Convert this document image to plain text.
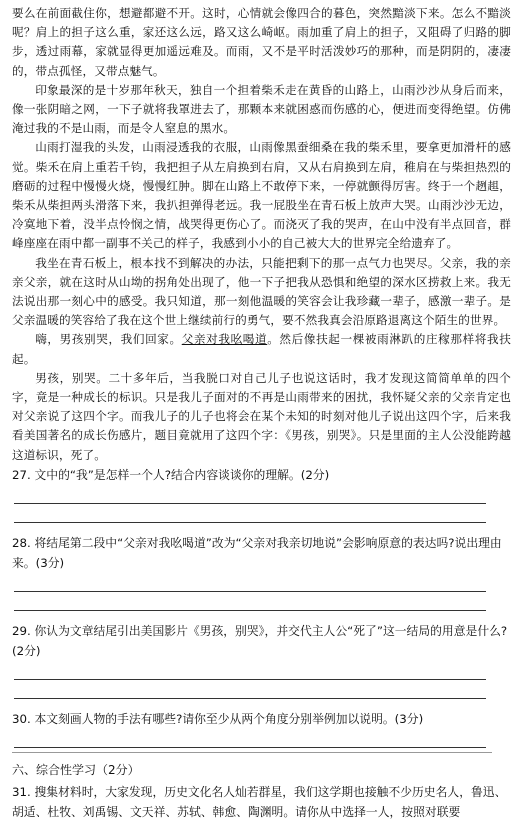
要么在前面截住你，想避都避不开。这时，心情就会像四合的暮色，突然黯淡下来。怎么不黯淡呢？肩上的担子这么重，家还这么远，路又这么崎岖。雨加重了肩上的担子，又阻碍了归路的脚步，透过雨幕，家就显得更加遥远难及。而雨，又不是平时活泼妙巧的那种，而是阴阴的，凄凄的，带点孤怪，又带点魅气。

印象最深的是十岁那年秋天，独自一个担着柴禾走在黄昏的山路上，山雨沙沙从身后而来，像一张阴暗之网，一下子就将我罩进去了，那颗本来就困惑而伤感的心，便进而变得绝望。仿佛淹过我的不是山雨，而是令人窒息的黑水。

山雨打湿我的头发，山雨浸透我的衣服，山雨像黑蚕细桑在我的柴禾里，要拿更加滑杆的感觉。柴禾在肩上重若千钧，我把担子从左肩换到右肩，又从右肩换到左肩，稚肩在与柴担热烈的磨砺的过程中慢慢火烧，慢慢红肿。脚在山路上不敢停下来，一停就颤得厉害。终于一个趔趄，柴禾从柴担两头滑落下来，我扒担弹得老远。我一屁股坐在青石板上放声大哭。山雨沙沙无边，冷寞地下着，没半点怜悯之情，战哭得更伤心了。而浇灭了我的哭声，在山中没有半点回音，群峰座座在雨中都一副事不关己的样子，我感到小小的自己被大大的世界完全给遗弃了。

我坐在青石板上，根本找不到解决的办法，只能把剩下的那一点气力也哭尽。父亲，我的亲亲父亲，就在这时从山坳的拐角处出现了，他一下子把我从恐惧和绝望的深水区捞救上来。我无法说出那一刻心中的感受。我只知道，那一刻他温暖的笑容会让我珍藏一辈子，感激一辈子。是父亲温暖的笑容给了我在这个世上继续前行的勇气，要不然我真会沿原路退离这个陌生的世界。

嗨，男孩别哭，我们回家。父亲对我吆喝道。然后像扶起一棵被雨淋趴的庄稼那样将我扶起。

男孩，别哭。二十多年后，当我脱口对自己儿子也说这话时，我才发现这简简单单的四个字，竟是一种成长的标识。只是我儿子面对的不再是山雨带来的困扰，我怀疑父亲的父亲肯定也对父亲说了这四个字。而我儿子的儿子也将会在某个未知的时刻对他儿子说出这四个字，后来我看美国著名的成长伤感片，题目竟就用了这四个字：《男孩，别哭》。只是里面的主人公没能跨越这道标识，死了。

27. 文中的“我”是怎样一个人?结合内容谈谈你的理解。(2分)

28. 将结尾第二段中“父亲对我吆喝道”改为“父亲对我亲切地说”会影响原意的表达吗?说出理由来。(3分)

29. 你认为文章结尾引出美国影片《男孩，别哭》，并交代主人公“死了”这一结局的用意是什么?(2分)

30. 本文刻画人物的手法有哪些?请你至少从两个角度分别举例加以说明。(3分)

六、综合性学习（2分）

31. 搜集材料时，大家发现，历史文化名人灿若群星，我们这学期也接触不少历史名人，鲁迅、胡适、杜牧、刘禹锡、文天祥、苏轼、韩愈、陶渊明。请你从中选择一人，按照对联要
